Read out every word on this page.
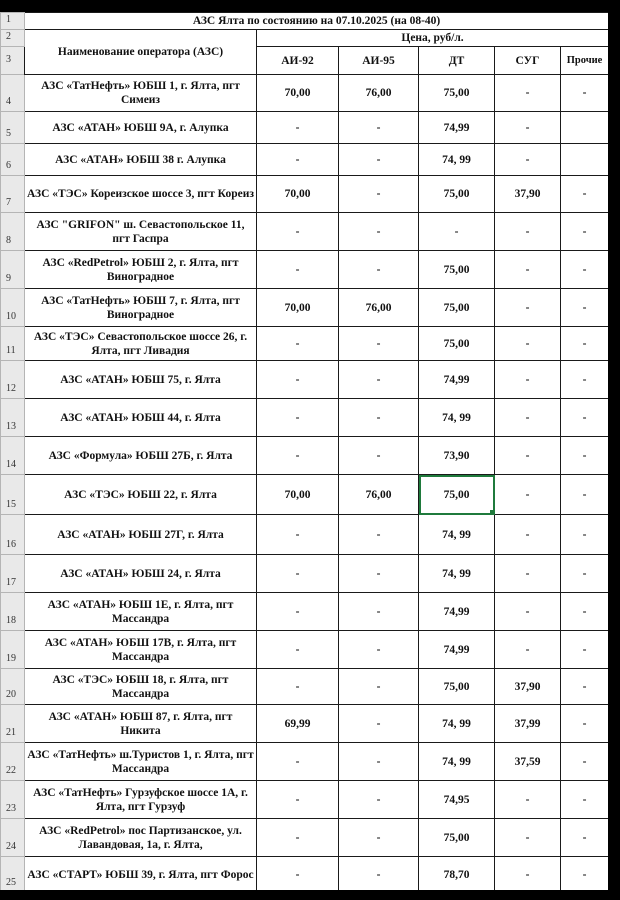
1	АЗС Ялта по состоянию на 07.10.2025 (на 08-40)					
2	Наименование оператора (АЗС)	Цена, руб/л.				
3		АИ-92	АИ-95	ДТ	СУГ	Прочие
4	АЗС «ТатНефть» ЮБШ 1, г. Ялта, пгт Симеиз	70,00	76,00	75,00	-	-
5	АЗС «АТАН» ЮБШ 9А, г. Алупка	-	-	74,99	-	
6	АЗС «АТАН» ЮБШ 38 г. Алупка	-	-	74, 99	-	
7	АЗС «ТЭС» Кореизское шоссе 3, пгт Кореиз	70,00	-	75,00	37,90	-
8	АЗС "GRIFON" ш. Севастопольское 11, пгт Гаспра	-	-	-	-	-
9	АЗС «RedPetrol» ЮБШ 2, г. Ялта, пгт Виноградное	-	-	75,00	-	-
10	АЗС «ТатНефть» ЮБШ 7, г. Ялта, пгт Виноградное	70,00	76,00	75,00	-	-
11	АЗС «ТЭС» Севастопольское шоссе 26, г. Ялта, пгт Ливадия	-	-	75,00	-	-
12	АЗС «АТАН» ЮБШ 75, г. Ялта	-	-	74,99	-	-
13	АЗС «АТАН» ЮБШ 44, г. Ялта	-	-	74, 99	-	-
14	АЗС «Формула» ЮБШ 27Б, г. Ялта	-	-	73,90	-	-
15	АЗС «ТЭС» ЮБШ 22, г. Ялта	70,00	76,00	75,00	-	-
16	АЗС «АТАН» ЮБШ 27Г, г. Ялта	-	-	74, 99	-	-
17	АЗС «АТАН» ЮБШ 24, г. Ялта	-	-	74, 99	-	-
18	АЗС «АТАН» ЮБШ 1Е, г. Ялта, пгт Массандра	-	-	74,99	-	-
19	АЗС «АТАН» ЮБШ 17В, г. Ялта, пгт Массандра	-	-	74,99	-	-
20	АЗС «ТЭС» ЮБШ 18, г. Ялта, пгт Массандра	-	-	75,00	37,90	-
21	АЗС «АТАН» ЮБШ 87, г. Ялта, пгт Никита	69,99	-	74, 99	37,99	-
22	АЗС «ТатНефть» ш.Туристов 1, г. Ялта, пгт Массандра	-	-	74, 99	37,59	-
23	АЗС «ТатНефть» Гурзуфское шоссе 1А, г. Ялта, пгт Гурзуф	-	-	74,95	-	-
24	АЗС «RedPetrol» пос Партизанское, ул. Лавандовая, 1а, г. Ялта,	-	-	75,00	-	-
25	АЗС «СТАРТ» ЮБШ 39, г. Ялта, пгт Форос	-	-	78,70	-	-
